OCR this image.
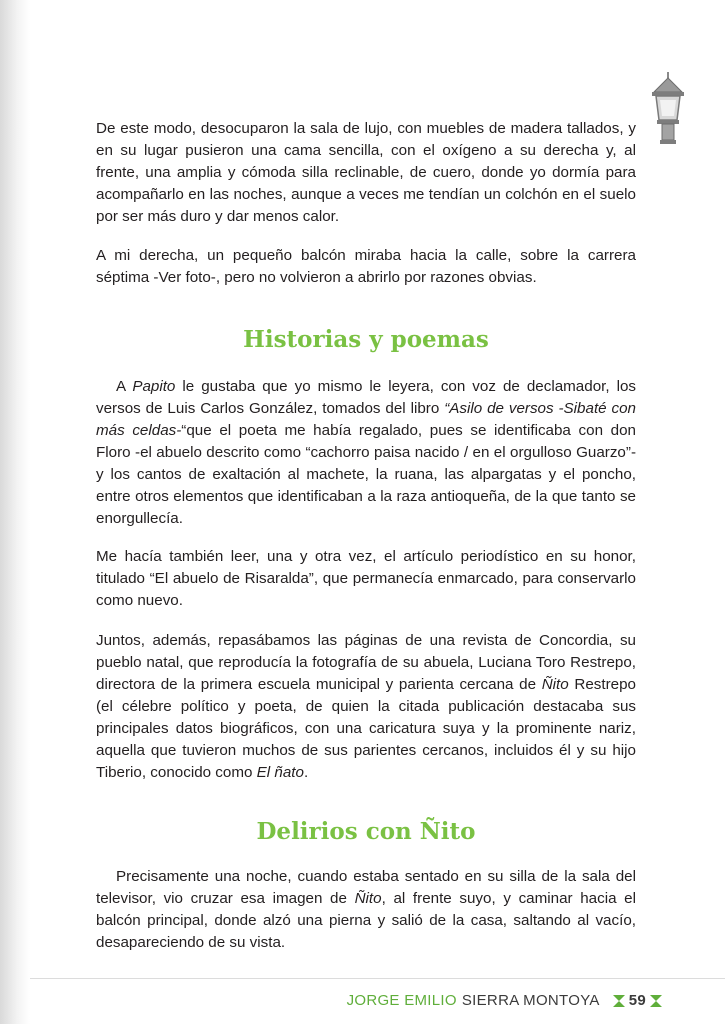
De este modo, desocuparon la sala de lujo, con muebles de madera tallados, y en su lugar pusieron una cama sencilla, con el oxígeno a su derecha y, al frente, una amplia y cómoda silla reclinable, de cuero, donde yo dormía para acompañarlo en las noches, aunque a veces me tendían un colchón en el suelo por ser más duro y dar menos calor.

A mi derecha, un pequeño balcón miraba hacia la calle, sobre la carrera séptima -Ver foto-, pero no volvieron a abrirlo por razones obvias.

Historias y poemas

A Papito le gustaba que yo mismo le leyera, con voz de declamador, los versos de Luis Carlos González, tomados del libro “Asilo de versos -Sibaté con más celdas-“que el poeta me había regalado, pues se identificaba con don Floro -el abuelo descrito como “cachorro paisa nacido / en el orgulloso Guarzo”- y los cantos de exaltación al machete, la ruana, las alpargatas y el poncho, entre otros elementos que identificaban a la raza antioqueña, de la que tanto se enorgullecía.

Me hacía también leer, una y otra vez, el artículo periodístico en su honor, titulado “El abuelo de Risaralda”, que permanecía enmarcado, para conservarlo como nuevo.

Juntos, además, repasábamos las páginas de una revista de Concordia, su pueblo natal, que reproducía la fotografía de su abuela, Luciana Toro Restrepo, directora de la primera escuela municipal y parienta cercana de Ñito Restrepo (el célebre político y poeta, de quien la citada publicación destacaba sus principales datos biográficos, con una caricatura suya y la prominente nariz, aquella que tuvieron muchos de sus parientes cercanos, incluidos él y su hijo Tiberio, conocido como El ñato.

Delirios con Ñito

Precisamente una noche, cuando estaba sentado en su silla de la sala del televisor, vio cruzar esa imagen de Ñito, al frente suyo, y caminar hacia el balcón principal, donde alzó una pierna y salió de la casa, saltando al vacío, desapareciendo de su vista.

JORGE EMILIO SIERRA MONTOYA 59
